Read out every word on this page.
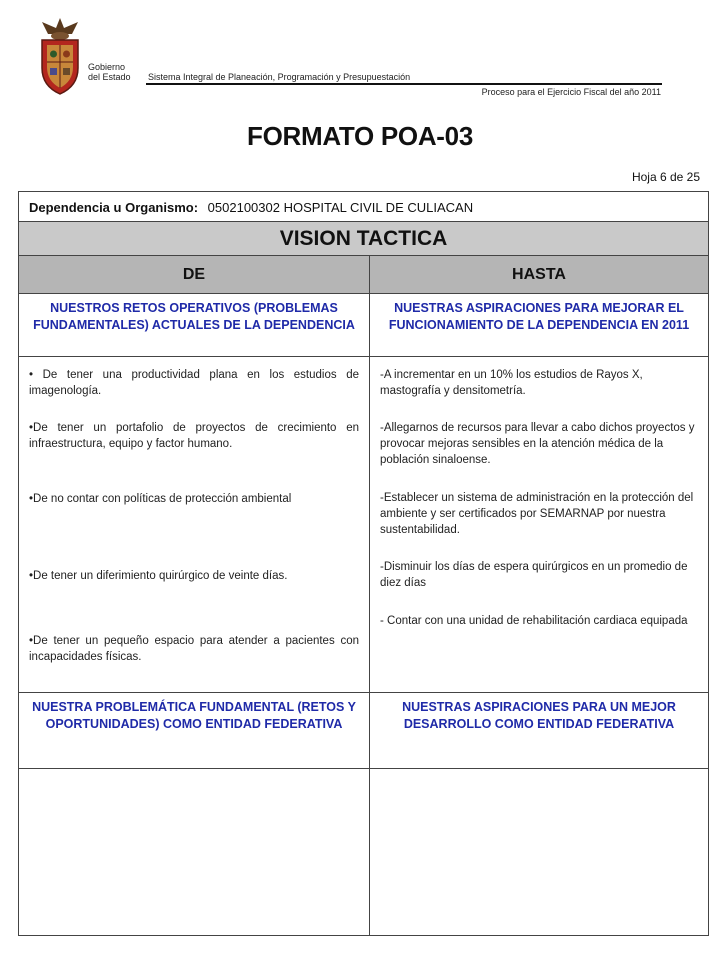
Gobierno
del Estado Sistema Integral de Planeación, Programación y Presupuestación
Proceso para el Ejercicio Fiscal del año 2011
FORMATO POA-03
Hoja 6 de 25
Dependencia u Organismo: 0502100302 HOSPITAL CIVIL DE CULIACAN
VISION TACTICA
DE	HASTA
NUESTROS RETOS OPERATIVOS (PROBLEMAS FUNDAMENTALES) ACTUALES DE LA DEPENDENCIA
NUESTRAS ASPIRACIONES PARA MEJORAR EL FUNCIONAMIENTO DE LA DEPENDENCIA EN 2011
• De tener una productividad plana en los estudios de imagenología.
•De tener un portafolio de proyectos de crecimiento en infraestructura, equipo y factor humano.
•De no contar con políticas de protección ambiental
•De tener un diferimiento quirúrgico de veinte días.
•De tener un pequeño espacio para atender a pacientes con incapacidades físicas.
-A incrementar en un 10% los estudios de Rayos X, mastografía y densitometría.
-Allegarnos de recursos para llevar a cabo dichos proyectos y provocar mejoras sensibles en la atención médica de la población sinaloense.
-Establecer un sistema de administración en la protección del ambiente y ser certificados por SEMARNAP por nuestra sustentabilidad.
-Disminuir los días de espera quirúrgicos en un promedio de diez días
- Contar con una unidad de rehabilitación cardiaca equipada
NUESTRA PROBLEMÁTICA FUNDAMENTAL (RETOS Y OPORTUNIDADES) COMO ENTIDAD FEDERATIVA
NUESTRAS ASPIRACIONES PARA UN MEJOR DESARROLLO COMO ENTIDAD FEDERATIVA
